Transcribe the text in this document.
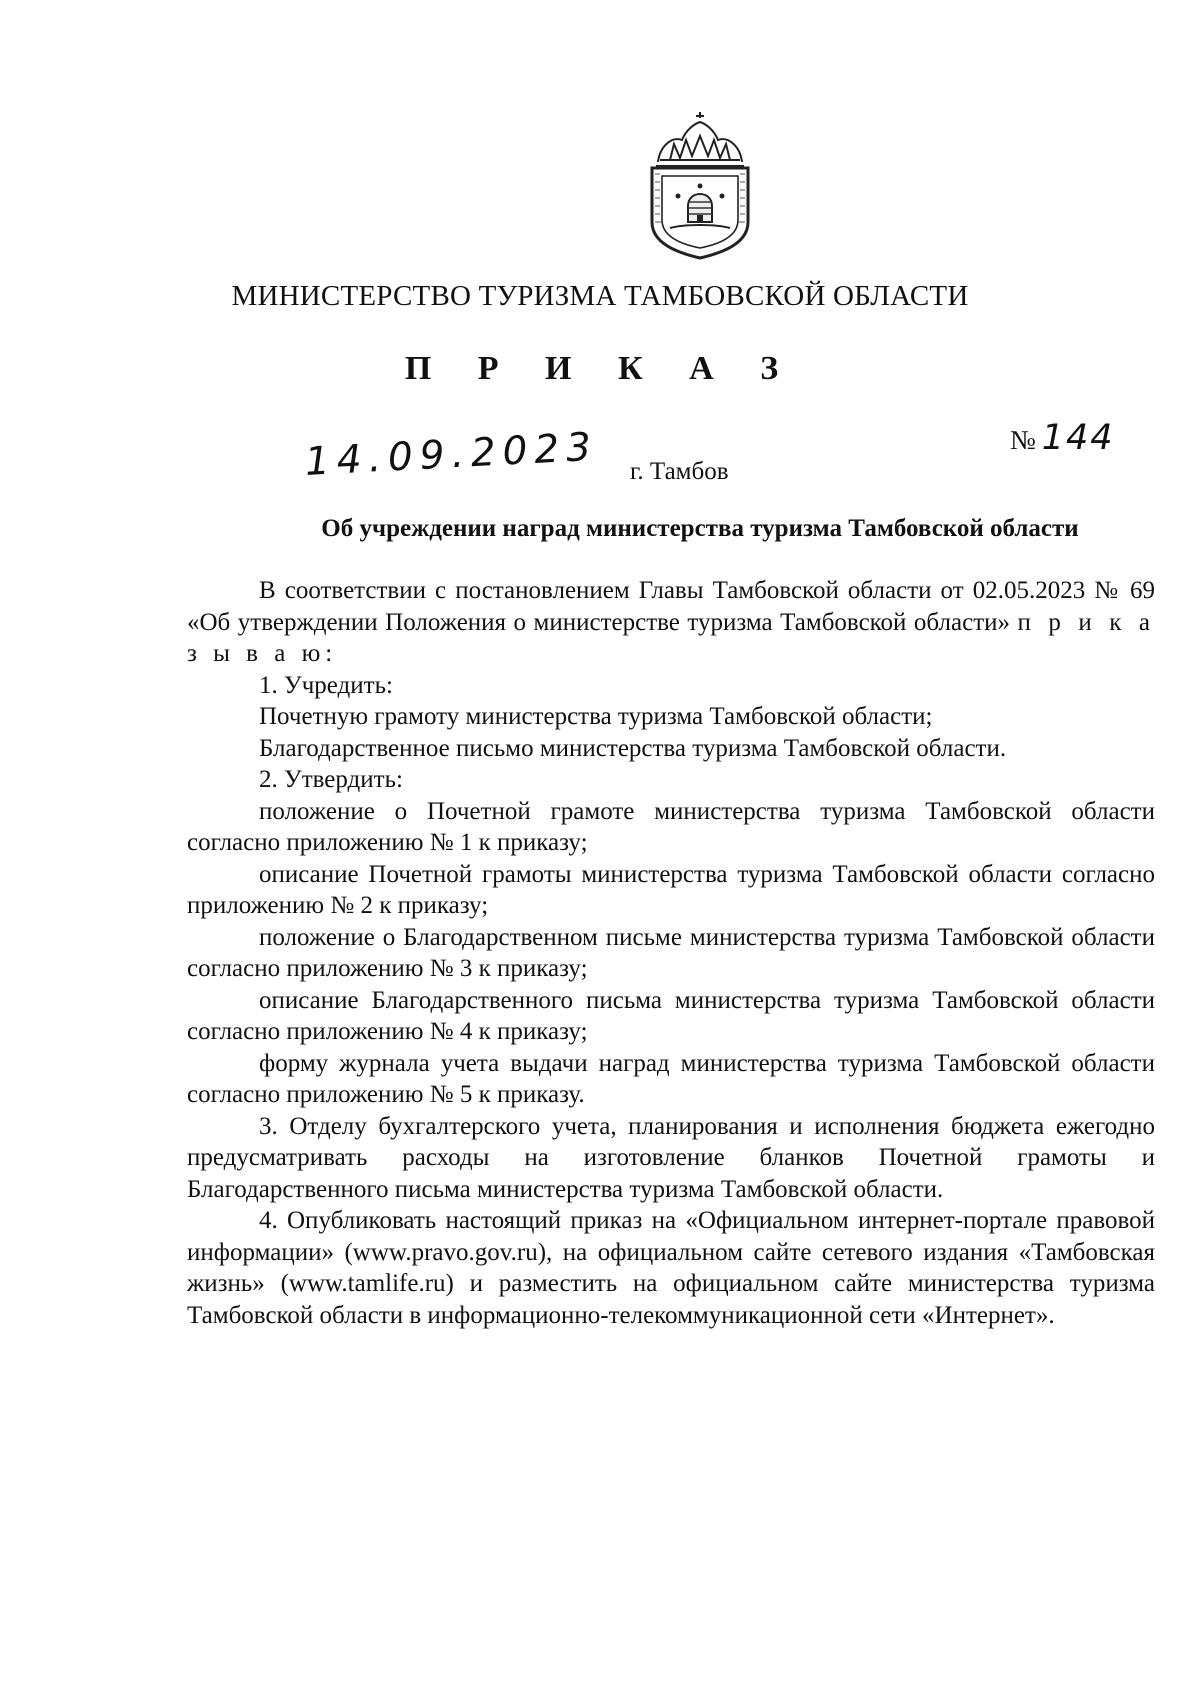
МИНИСТЕРСТВО ТУРИЗМА ТАМБОВСКОЙ ОБЛАСТИ
П Р И К А З
14.09.2023	№ 144
г. Тамбов
Об учреждении наград министерства туризма Тамбовской области

В соответствии с постановлением Главы Тамбовской области от 02.05.2023 № 69 «Об утверждении Положения о министерстве туризма Тамбовской области» п р и к а з ы в а ю:

1. Учредить:

Почетную грамоту министерства туризма Тамбовской области;

Благодарственное письмо министерства туризма Тамбовской области.

2. Утвердить:

положение о Почетной грамоте министерства туризма Тамбовской области согласно приложению № 1 к приказу;

описание Почетной грамоты министерства туризма Тамбовской области согласно приложению № 2 к приказу;

положение о Благодарственном письме министерства туризма Тамбовской области согласно приложению № 3 к приказу;

описание Благодарственного письма министерства туризма Тамбовской области согласно приложению № 4 к приказу;

форму журнала учета выдачи наград министерства туризма Тамбовской области согласно приложению № 5 к приказу.

3. Отделу бухгалтерского учета, планирования и исполнения бюджета ежегодно предусматривать расходы на изготовление бланков Почетной грамоты и Благодарственного письма министерства туризма Тамбовской области.

4. Опубликовать настоящий приказ на «Официальном интернет-портале правовой информации» (www.pravo.gov.ru), на официальном сайте сетевого издания «Тамбовская жизнь» (www.tamlife.ru) и разместить на официальном сайте министерства туризма Тамбовской области в информационно-телекоммуникационной сети «Интернет».
